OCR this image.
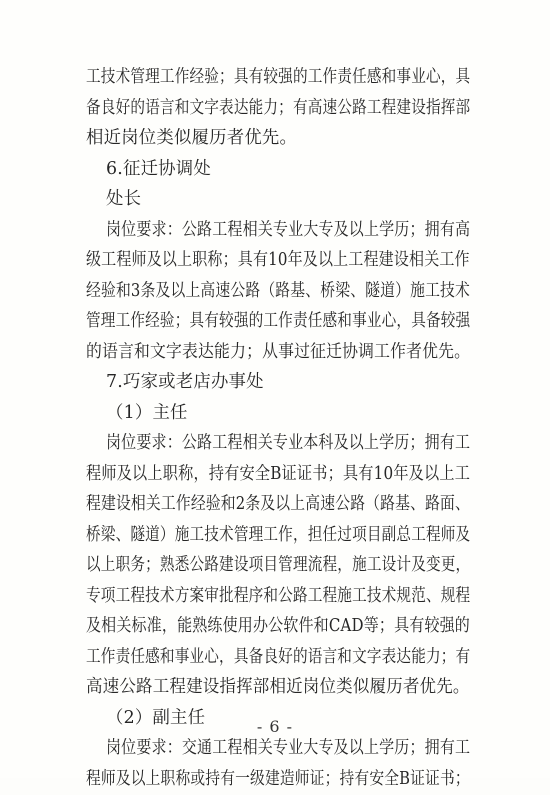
工技术管理工作经验；具有较强的工作责任感和事业心，具
备良好的语言和文字表达能力；有高速公路工程建设指挥部
相近岗位类似履历者优先。
6.征迁协调处
处长
岗位要求：公路工程相关专业大专及以上学历；拥有高
级工程师及以上职称；具有10年及以上工程建设相关工作
经验和3条及以上高速公路（路基、桥梁、隧道）施工技术
管理工作经验；具有较强的工作责任感和事业心，具备较强
的语言和文字表达能力；从事过征迁协调工作者优先。
7.巧家或老店办事处
（1）主任
岗位要求：公路工程相关专业本科及以上学历；拥有工
程师及以上职称，持有安全B证证书；具有10年及以上工
程建设相关工作经验和2条及以上高速公路（路基、路面、
桥梁、隧道）施工技术管理工作，担任过项目副总工程师及
以上职务；熟悉公路建设项目管理流程，施工设计及变更，
专项工程技术方案审批程序和公路工程施工技术规范、规程
及相关标准，能熟练使用办公软件和CAD等；具有较强的
工作责任感和事业心，具备良好的语言和文字表达能力；有
高速公路工程建设指挥部相近岗位类似履历者优先。
（2）副主任
岗位要求：交通工程相关专业大专及以上学历；拥有工
程师及以上职称或持有一级建造师证；持有安全B证证书；
- 6 -
